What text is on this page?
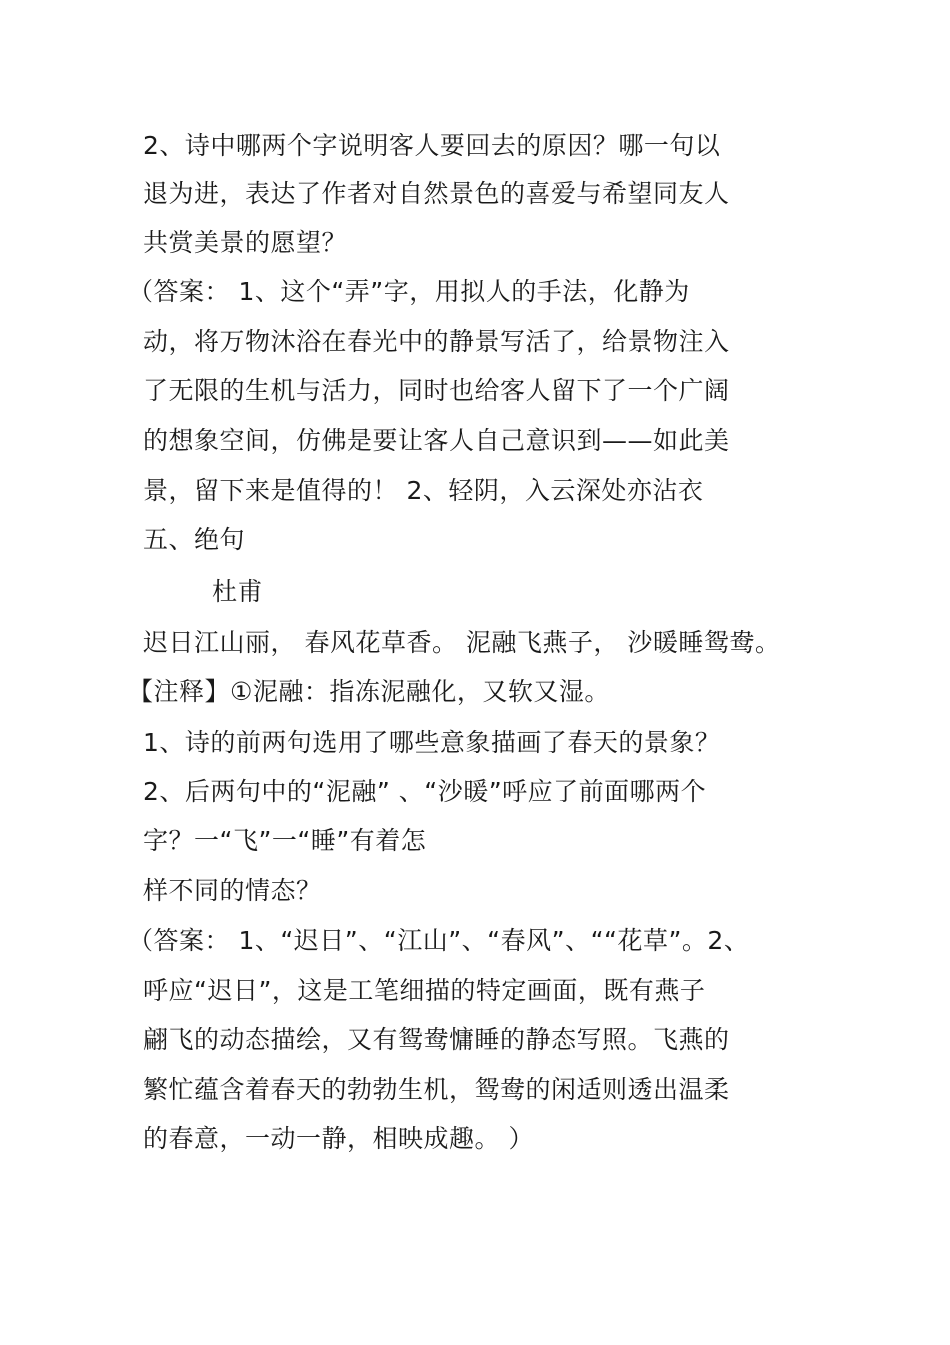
2、诗中哪两个字说明客人要回去的原因？哪一句以
退为进，表达了作者对自然景色的喜爱与希望同友人
共赏美景的愿望？
（答案： 1、这个“弄”字，用拟人的手法，化静为
动，将万物沐浴在春光中的静景写活了，给景物注入
了无限的生机与活力，同时也给客人留下了一个广阔
的想象空间，仿佛是要让客人自己意识到——如此美
景，留下来是值得的！ 2、轻阴，入云深处亦沾衣
五、绝句
杜甫
迟日江山丽， 春风花草香。 泥融飞燕子， 沙暖睡鸳鸯。
【注释】①泥融：指冻泥融化，又软又湿。
1、诗的前两句选用了哪些意象描画了春天的景象？
2、后两句中的“泥融” 、“沙暖”呼应了前面哪两个
字？一“飞”一“睡”有着怎
样不同的情态？
（答案： 1、“迟日”、“江山”、“春风”、““花草”。2、
呼应“迟日”，这是工笔细描的特定画面，既有燕子
翩飞的动态描绘，又有鸳鸯慵睡的静态写照。飞燕的
繁忙蕴含着春天的勃勃生机，鸳鸯的闲适则透出温柔
的春意，一动一静，相映成趣。 ）
